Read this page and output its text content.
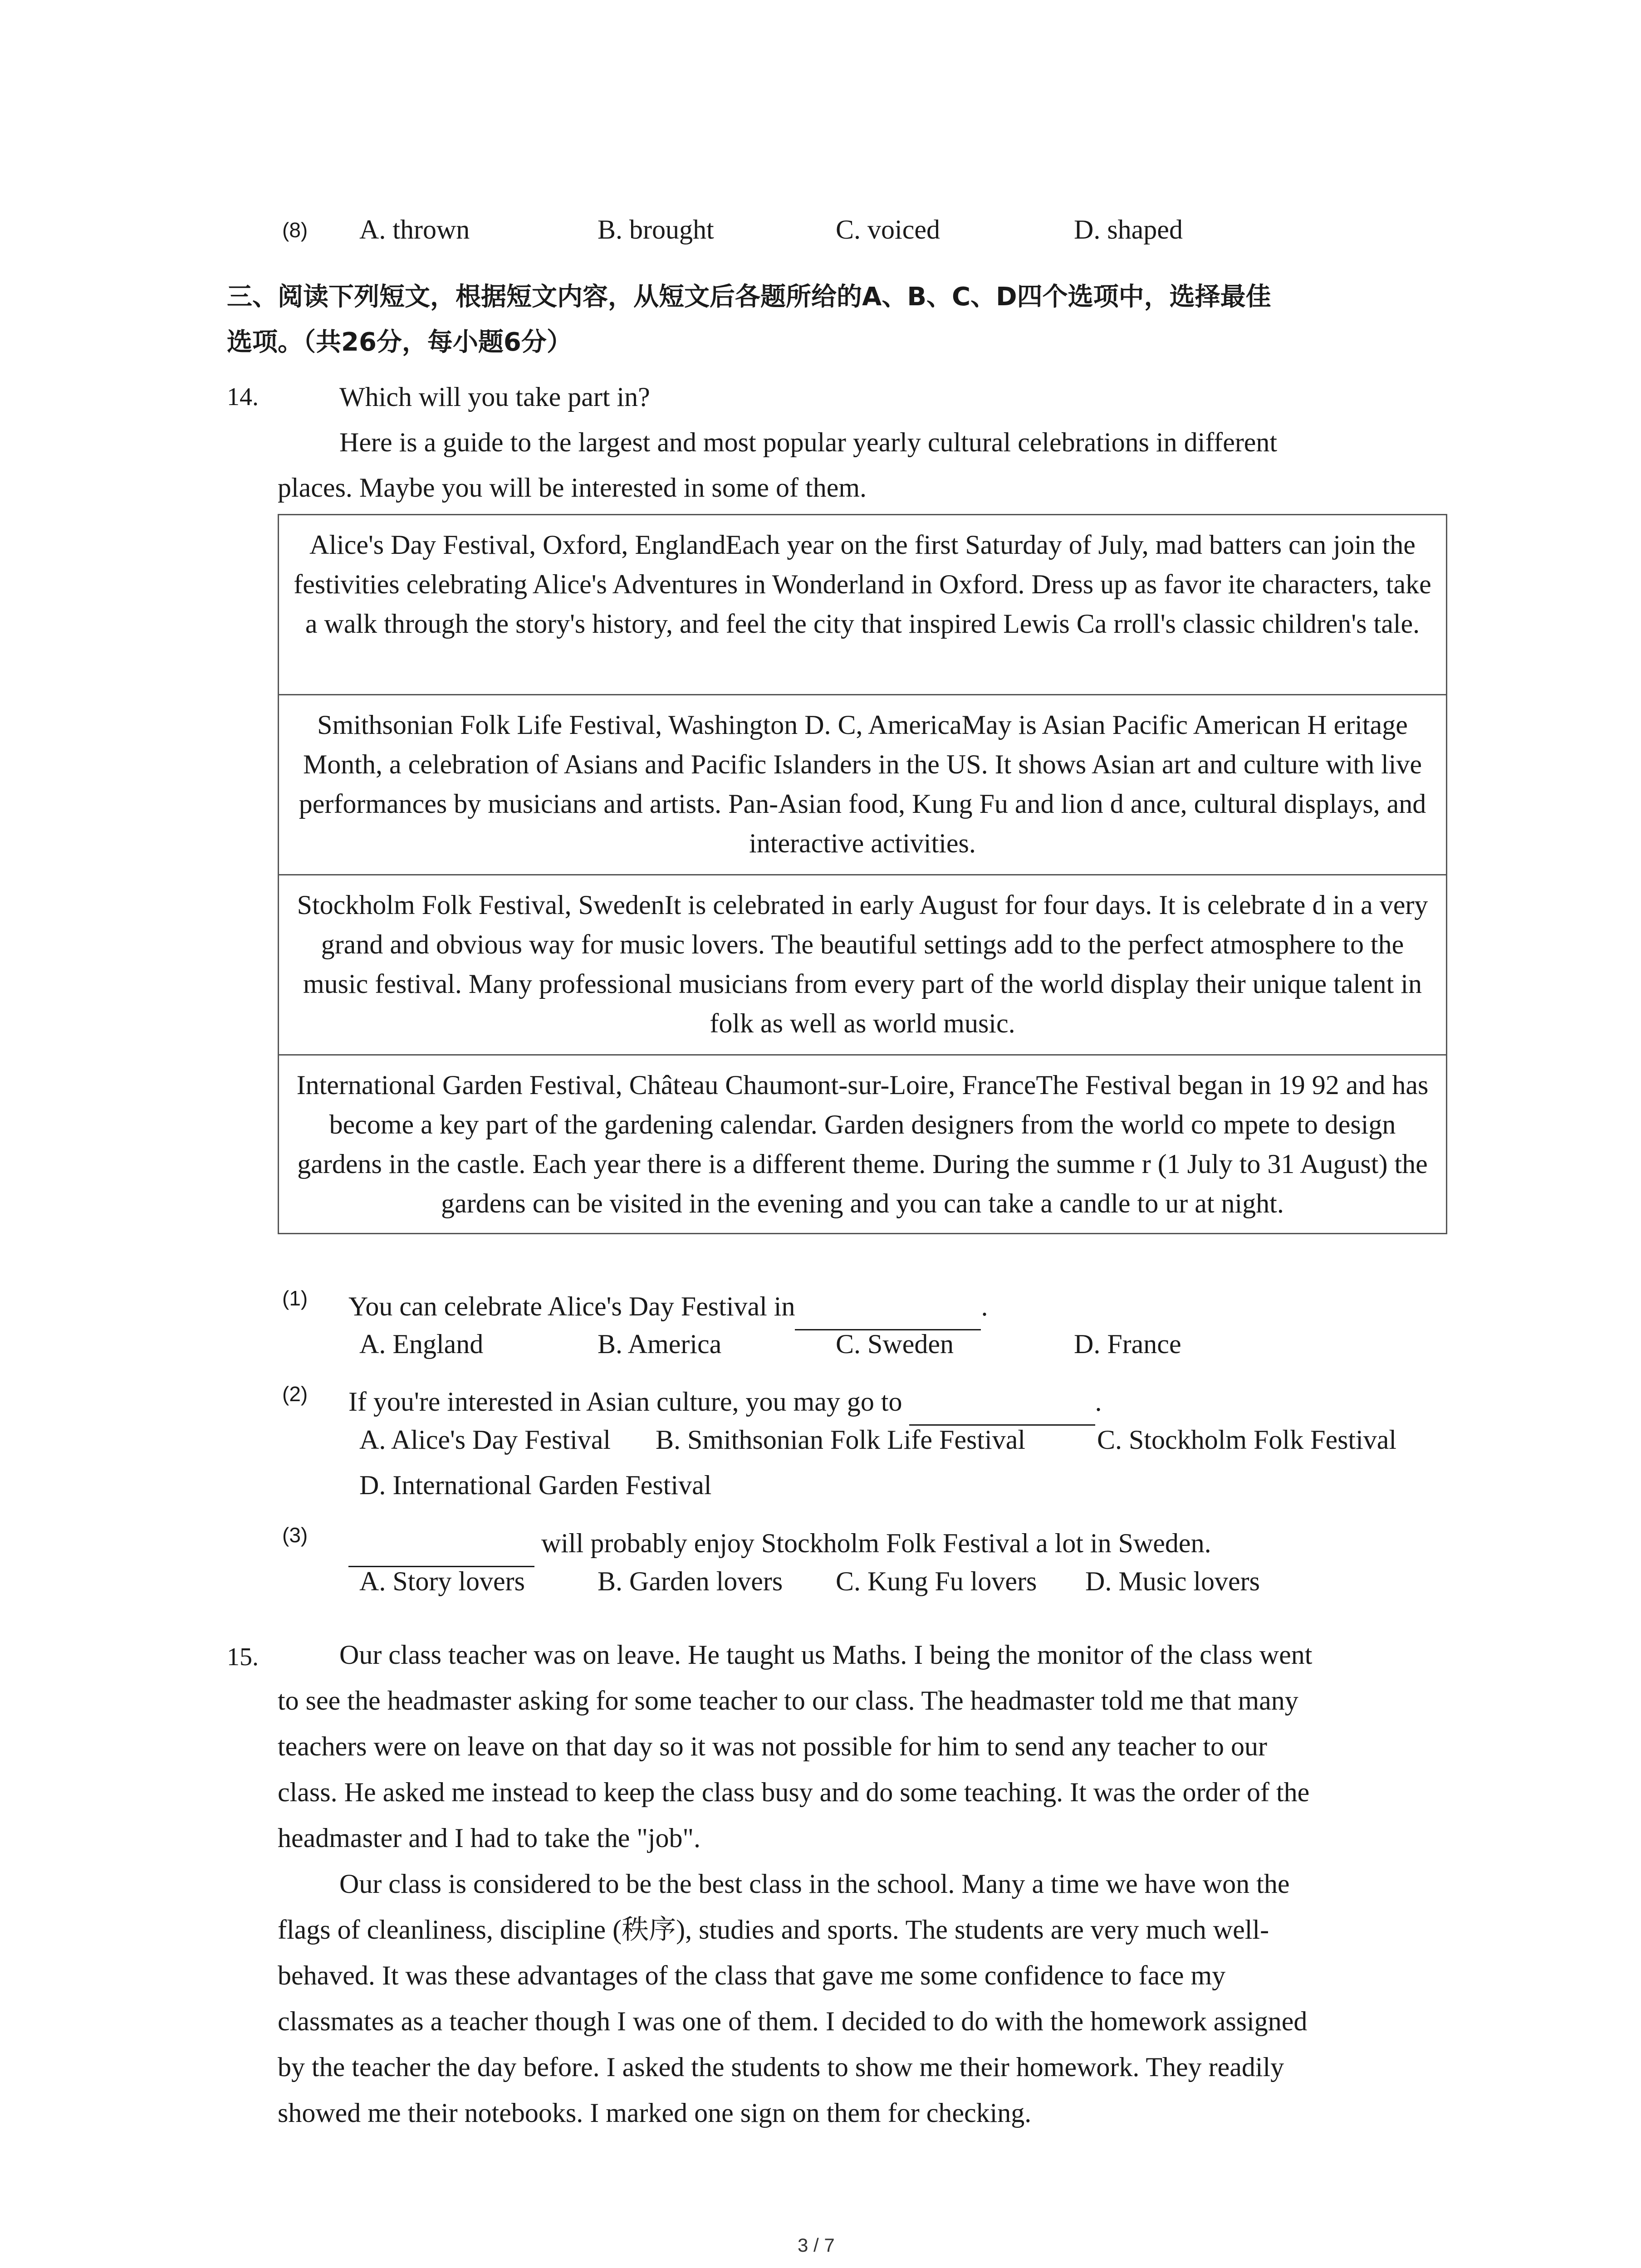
(8) A. thrown	B. brought	C. voiced	D. shaped
三、阅读下列短文，根据短文内容，从短文后各题所给的A、B、C、D四个选项中，选择最佳
选项。（共26分，每小题6分）
14.	Which will you take part in?
Here is a guide to the largest and most popular yearly cultural celebrations in different
places. Maybe you will be interested in some of them.
Alice's Day Festival, Oxford, EnglandEach year on the first Saturday of July, mad batters can join the festivities celebrating Alice's Adventures in Wonderland in Oxford. Dress up as favor ite characters, take a walk through the story's history, and feel the city that inspired Lewis Ca rroll's classic children's tale.
Smithsonian Folk Life Festival, Washington D. C, AmericaMay is Asian Pacific American H eritage Month, a celebration of Asians and Pacific Islanders in the US. It shows Asian art and culture with live performances by musicians and artists. Pan-Asian food, Kung Fu and lion d ance, cultural displays, and interactive activities.
Stockholm Folk Festival, SwedenIt is celebrated in early August for four days. It is celebrate d in a very grand and obvious way for music lovers. The beautiful settings add to the perfect atmosphere to the music festival. Many professional musicians from every part of the world display their unique talent in folk as well as world music.
International Garden Festival, Château Chaumont-sur-Loire, FranceThe Festival began in 19 92 and has become a key part of the gardening calendar. Garden designers from the world co mpete to design gardens in the castle. Each year there is a different theme. During the summe r (1 July to 31 August) the gardens can be visited in the evening and you can take a candle to ur at night.
(1) You can celebrate Alice's Day Festival in	.
A. England	B. America	C. Sweden	D. France
(2) If you're interested in Asian culture, you may go to	.
A. Alice's Day Festival B. Smithsonian Folk Life Festival	C. Stockholm Folk Festival
D. International Garden Festival
(3)	will probably enjoy Stockholm Folk Festival a lot in Sweden.
A. Story lovers	B. Garden lovers C. Kung Fu lovers D. Music lovers
15.	Our class teacher was on leave. He taught us Maths. I being the monitor of the class went
to see the headmaster asking for some teacher to our class. The headmaster told me that many
teachers were on leave on that day so it was not possible for him to send any teacher to our
class. He asked me instead to keep the class busy and do some teaching. It was the order of the
headmaster and I had to take the "job".
Our class is considered to be the best class in the school. Many a time we have won the
flags of cleanliness, discipline (秩序), studies and sports. The students are very much well-
behaved. It was these advantages of the class that gave me some confidence to face my
classmates as a teacher though I was one of them. I decided to do with the homework assigned
by the teacher the day before. I asked the students to show me their homework. They readily
showed me their notebooks. I marked one sign on them for checking.
3 / 7
